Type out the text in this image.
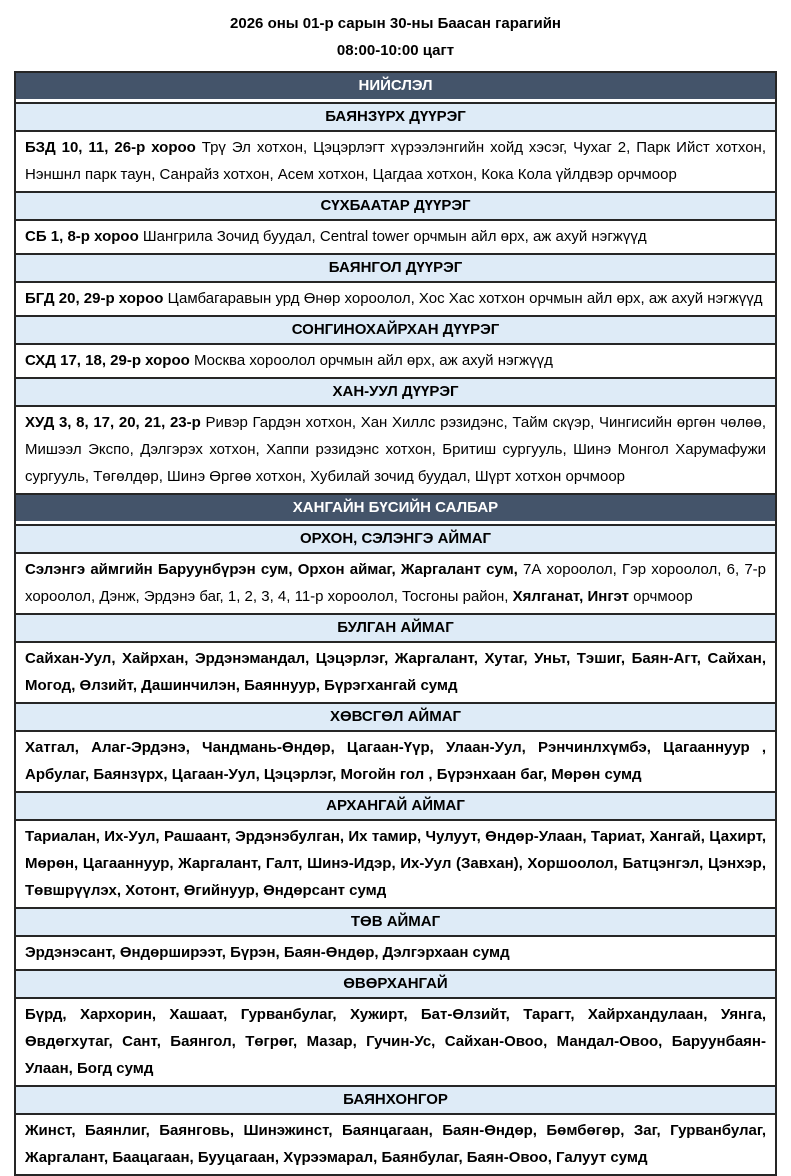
2026 оны 01-р сарын 30-ны Баасан гарагийн

08:00-10:00 цагт

НИЙСЛЭЛ
БАЯНЗҮРХ ДҮҮРЭГ
БЗД 10, 11, 26-р хороо Трү Эл хотхон, Цэцэрлэгт хүрээлэнгийн хойд хэсэг, Чухаг 2, Парк Ийст хотхон, Нэншнл парк таун, Санрайз хотхон, Асем хотхон, Цагдаа хотхон, Кока Кола үйлдвэр орчмоор
СҮХБААТАР ДҮҮРЭГ
СБ 1, 8-р хороо Шангрила Зочид буудал, Central tower орчмын айл өрх, аж ахуй нэгжүүд
БАЯНГОЛ ДҮҮРЭГ
БГД 20, 29-р хороо Цамбагаравын урд Өнөр хороолол, Хос Хас хотхон орчмын айл өрх, аж ахуй нэгжүүд
СОНГИНОХАЙРХАН ДҮҮРЭГ
СХД 17, 18, 29-р хороо Москва хороолол орчмын айл өрх, аж ахуй нэгжүүд
ХАН-УУЛ ДҮҮРЭГ
ХУД 3, 8, 17, 20, 21, 23-р Ривэр Гардэн хотхон, Хан Хиллс рэзидэнс, Тайм скүэр, Чингисийн өргөн чөлөө, Мишээл Экспо, Дэлгэрэх хотхон, Хаппи рэзидэнс хотхон, Бритиш сургууль, Шинэ Монгол Харумафужи сургууль, Төгөлдөр, Шинэ Өргөө хотхон, Хубилай зочид буудал, Шүрт хотхон орчмоор
ХАНГАЙН БҮСИЙН САЛБАР
ОРХОН, СЭЛЭНГЭ АЙМАГ
Сэлэнгэ аймгийн Баруунбүрэн сум, Орхон аймаг, Жаргалант сум, 7А хороолол, Гэр хороолол, 6, 7-р хороолол, Дэнж, Эрдэнэ баг, 1, 2, 3, 4, 11-р хороолол, Тосгоны район, Хялганат, Ингэт орчмоор
БУЛГАН АЙМАГ
Сайхан-Уул, Хайрхан, Эрдэнэмандал, Цэцэрлэг, Жаргалант, Хутаг, Уньт, Тэшиг, Баян-Агт, Сайхан, Могод, Өлзийт, Дашинчилэн, Баяннуур, Бүрэгхангай сумд
ХӨВСГӨЛ АЙМАГ
Хатгал, Алаг-Эрдэнэ, Чандмань-Өндөр, Цагаан-Үүр, Улаан-Уул, Рэнчинлхүмбэ, Цагааннуур , Арбулаг, Баянзүрх, Цагаан-Уул, Цэцэрлэг, Могойн гол , Бүрэнхаан баг, Мөрөн сумд
АРХАНГАЙ АЙМАГ
Тариалан, Их-Уул, Рашаант, Эрдэнэбулган, Их тамир, Чулуут, Өндөр-Улаан, Тариат, Хангай, Цахирт, Мөрөн, Цагааннуур, Жаргалант, Галт, Шинэ-Идэр, Их-Уул (Завхан), Хоршоолол, Батцэнгэл, Цэнхэр, Төвшрүүлэх, Хотонт, Өгийнуур, Өндөрсант сумд
ТӨВ АЙМАГ
Эрдэнэсант, Өндөрширээт, Бүрэн, Баян-Өндөр, Дэлгэрхаан сумд
ӨВӨРХАНГАЙ
Бүрд, Хархорин, Хашаат, Гурванбулаг, Хужирт, Бат-Өлзийт, Тарагт, Хайрхандулаан, Уянга, Өвдөгхутаг, Сант, Баянгол, Төгрөг, Мазар, Гучин-Ус, Сайхан-Овоо, Мандал-Овоо, Баруунбаян-Улаан, Богд сумд
БАЯНХОНГОР
Жинст, Баянлиг, Баянговь, Шинэжинст, Баянцагаан, Баян-Өндөр, Бөмбөгөр, Заг, Гурванбулаг, Жаргалант, Баацагаан, Бууцагаан, Хүрээмарал, Баянбулаг, Баян-Овоо, Галуут сумд
